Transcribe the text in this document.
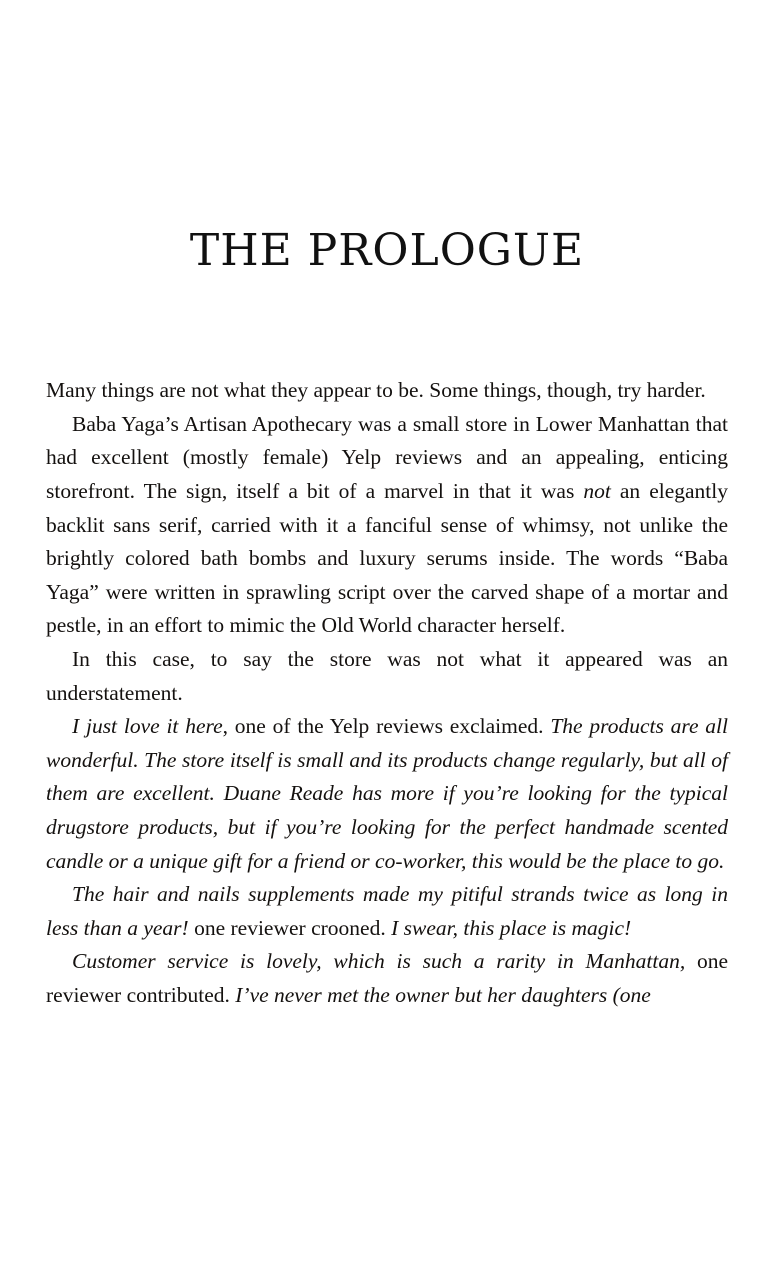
THE PROLOGUE

Many things are not what they appear to be. Some things, though, try harder.

Baba Yaga’s Artisan Apothecary was a small store in Lower Manhattan that had excellent (mostly female) Yelp reviews and an appealing, enticing storefront. The sign, itself a bit of a marvel in that it was not an elegantly backlit sans serif, carried with it a fanciful sense of whimsy, not unlike the brightly colored bath bombs and luxury serums inside. The words “Baba Yaga” were written in sprawling script over the carved shape of a mortar and pestle, in an effort to mimic the Old World character herself.

In this case, to say the store was not what it appeared was an understatement.

I just love it here, one of the Yelp reviews exclaimed. The products are all wonderful. The store itself is small and its products change regularly, but all of them are excellent. Duane Reade has more if you’re looking for the typical drugstore products, but if you’re looking for the perfect handmade scented candle or a unique gift for a friend or co-worker, this would be the place to go.

The hair and nails supplements made my pitiful strands twice as long in less than a year! one reviewer crooned. I swear, this place is magic!

Customer service is lovely, which is such a rarity in Manhattan, one reviewer contributed. I’ve never met the owner but her daughters (one
